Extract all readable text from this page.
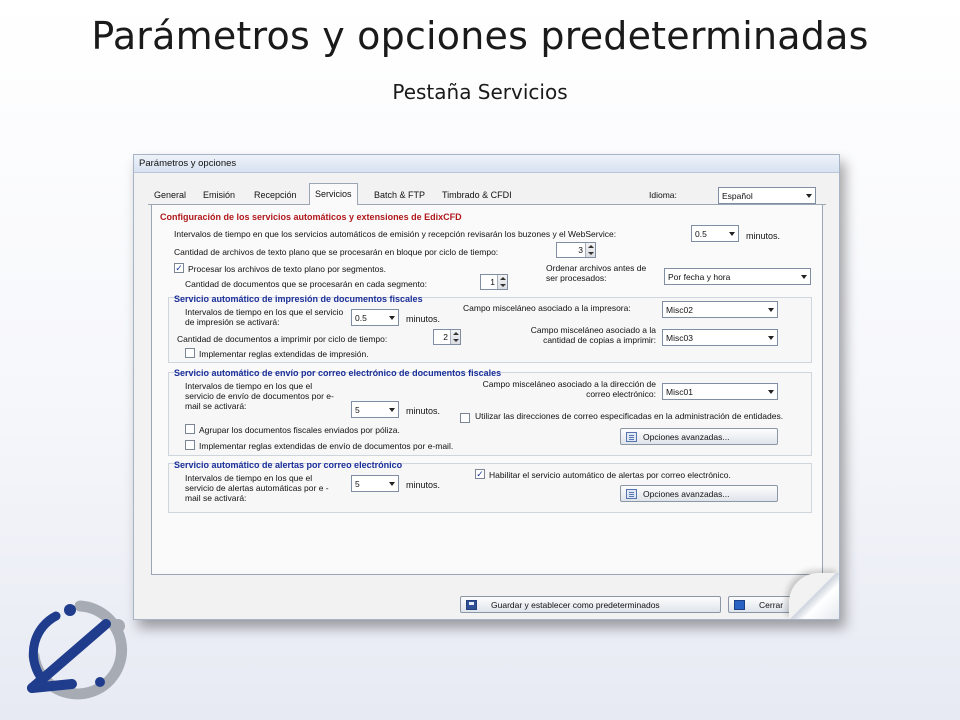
Parámetros y opciones predeterminadas
Pestaña Servicios
Parámetros y opciones
General	Emisión	Recepción	Servicios	Batch & FTP	Timbrado & CFDI	Idioma:	Español
Configuración de los servicios automáticos y extensiones de EdixCFD
Intervalos de tiempo en que los servicios automáticos de emisión y recepción revisarán los buzones y el WebService:	0.5	minutos.
Cantidad de archivos de texto plano que se procesarán en bloque por ciclo de tiempo:	3
✓ Procesar los archivos de texto plano por segmentos.
Cantidad de documentos que se procesarán en cada segmento:	1
Ordenar archivos antes de ser procesados:	Por fecha y hora
Servicio automático de impresión de documentos fiscales
Intervalos de tiempo en los que el servicio de impresión se activará:	0.5	minutos.
Campo misceláneo asociado a la impresora:	Misc02
Campo misceláneo asociado a la cantidad de copias a imprimir:	Misc03
Cantidad de documentos a imprimir por ciclo de tiempo:	2
Implementar reglas extendidas de impresión.
Servicio automático de envío por correo electrónico de documentos fiscales
Intervalos de tiempo en los que el servicio de envío de documentos por e-mail se activará:	5	minutos.
Campo misceláneo asociado a la dirección de correo electrónico:	Misc01
Utilizar las direcciones de correo especificadas en la administración de entidades.
Agrupar los documentos fiscales enviados por póliza.
Opciones avanzadas...
Implementar reglas extendidas de envío de documentos por e-mail.
Servicio automático de alertas por correo electrónico
Intervalos de tiempo en los que el servicio de alertas automáticas por e -mail se activará:
5	minutos.
✓ Habilitar el servicio automático de alertas por correo electrónico.
Opciones avanzadas...
Guardar y establecer como predeterminados	Cerrar
